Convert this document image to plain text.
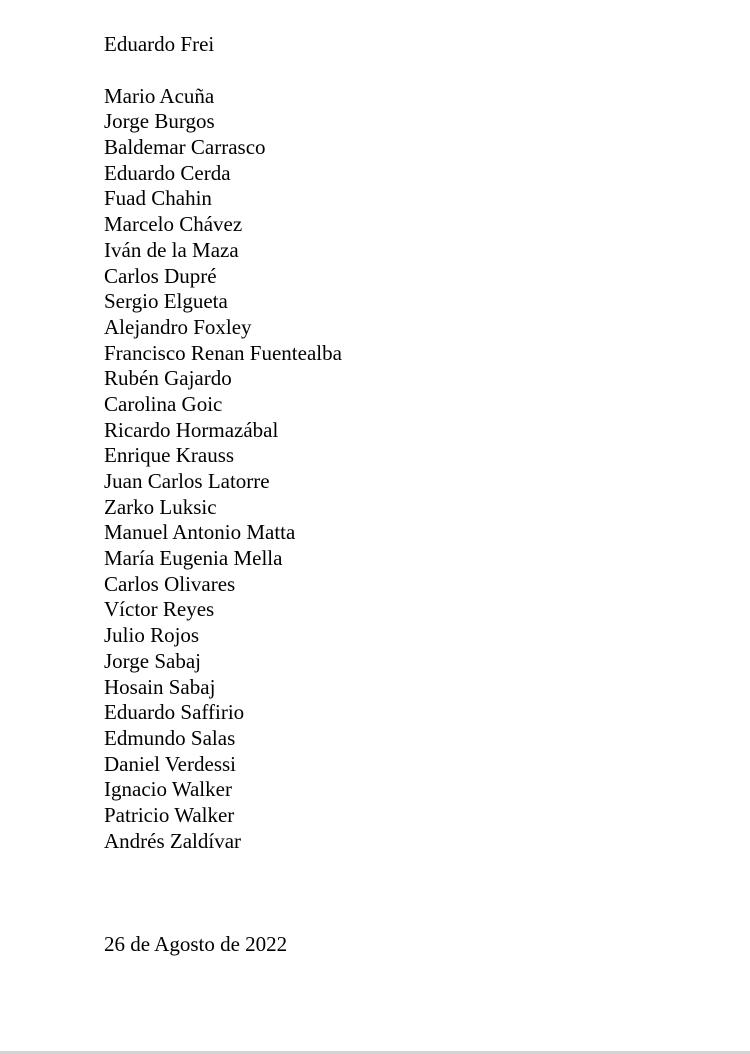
Eduardo Frei
Mario Acuña
Jorge Burgos
Baldemar Carrasco
Eduardo Cerda
Fuad Chahin
Marcelo Chávez
Iván de la Maza
Carlos Dupré
Sergio Elgueta
Alejandro Foxley
Francisco Renan Fuentealba
Rubén Gajardo
Carolina Goic
Ricardo Hormazábal
Enrique Krauss
Juan Carlos Latorre
Zarko Luksic
Manuel Antonio Matta
María Eugenia Mella
Carlos Olivares
Víctor Reyes
Julio Rojos
Jorge Sabaj
Hosain Sabaj
Eduardo Saffirio
Edmundo Salas
Daniel Verdessi
Ignacio Walker
Patricio Walker
Andrés Zaldívar
26 de Agosto de 2022
